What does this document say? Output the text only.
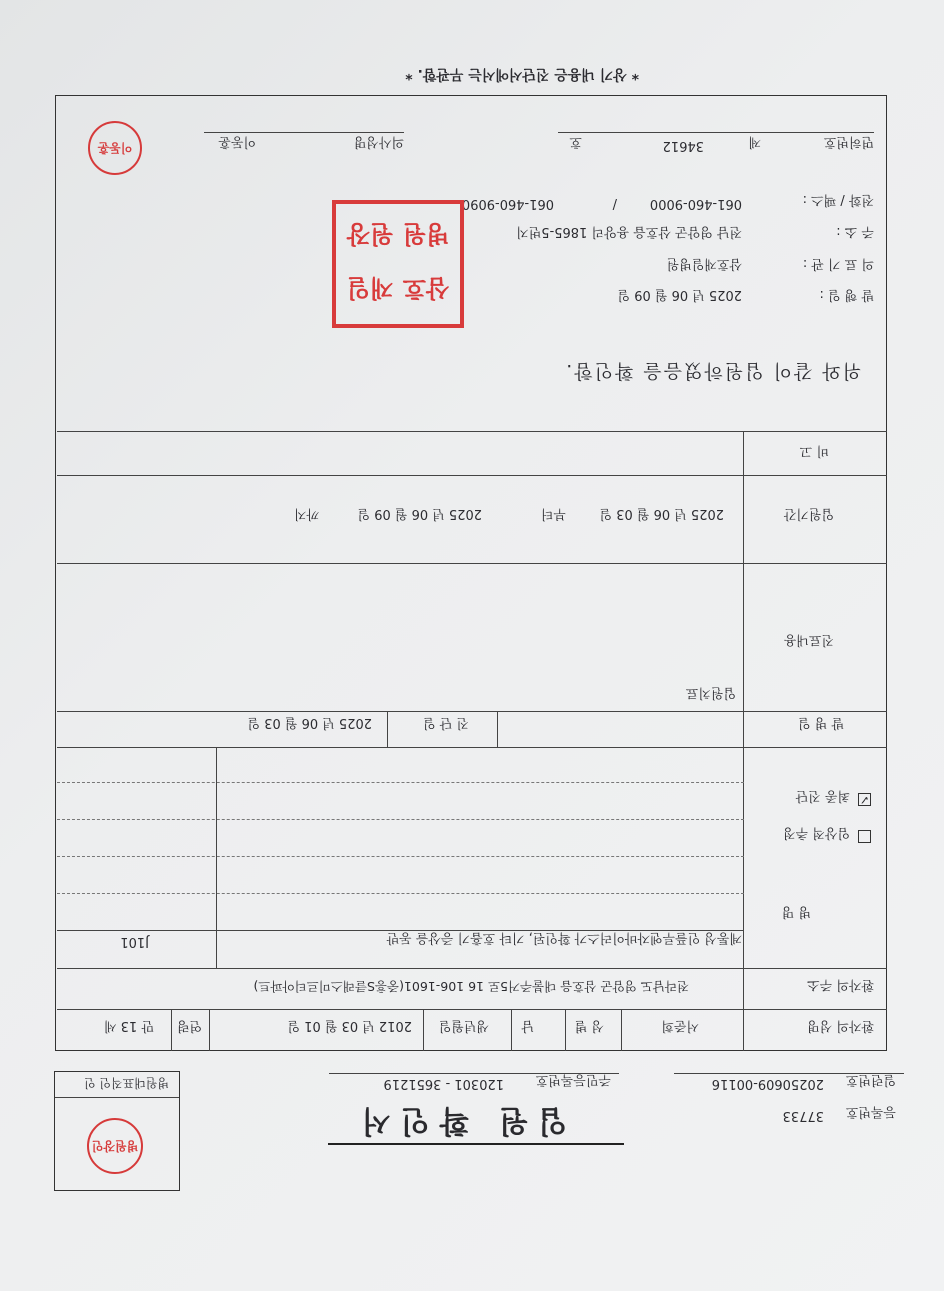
입원 확인서	등록번호
37733
일련번호
20250609-00116
주민등록번호
120301 - 3651219
병원대표직인 인
병원장인
환자의 성명
서준희
성 별
남
생년월일
2012 년 03 월 01 일
연령
만 13 세
환자의 주소
전라남도 영암군 삼호읍 대불주거5로 16 106-1601(중흥S클래스미르티아파트)
병 명
임상적 추정
✓
최종 진단
계통성 인플루엔자바이러스가 확인된, 기타 호흡기 증상을 동반
J101
발 병 일
진 단 일
2025 년 06 월 03 일
진료내용
입원치료
입원기간
2025 년 06 월 03 일
부터
2025 년 06 월 09 일
까지
비 고
위와 같이 입원하였음을 확인함.
발 행 일 :
2025 년 06 월 09 일
의 료 기 관 :
삼호재일병원
주 소 :
전남 영암군 삼호읍 용앙리 1865-5번지
전화 / 팩스 :
061-460-9000
/
061-460-9090
삼호
재일
병원
원장
면허번호
제
34612
호
의사성명
이동훈
이동훈
* 상기 내용은 진단서에서는 무관함. *
